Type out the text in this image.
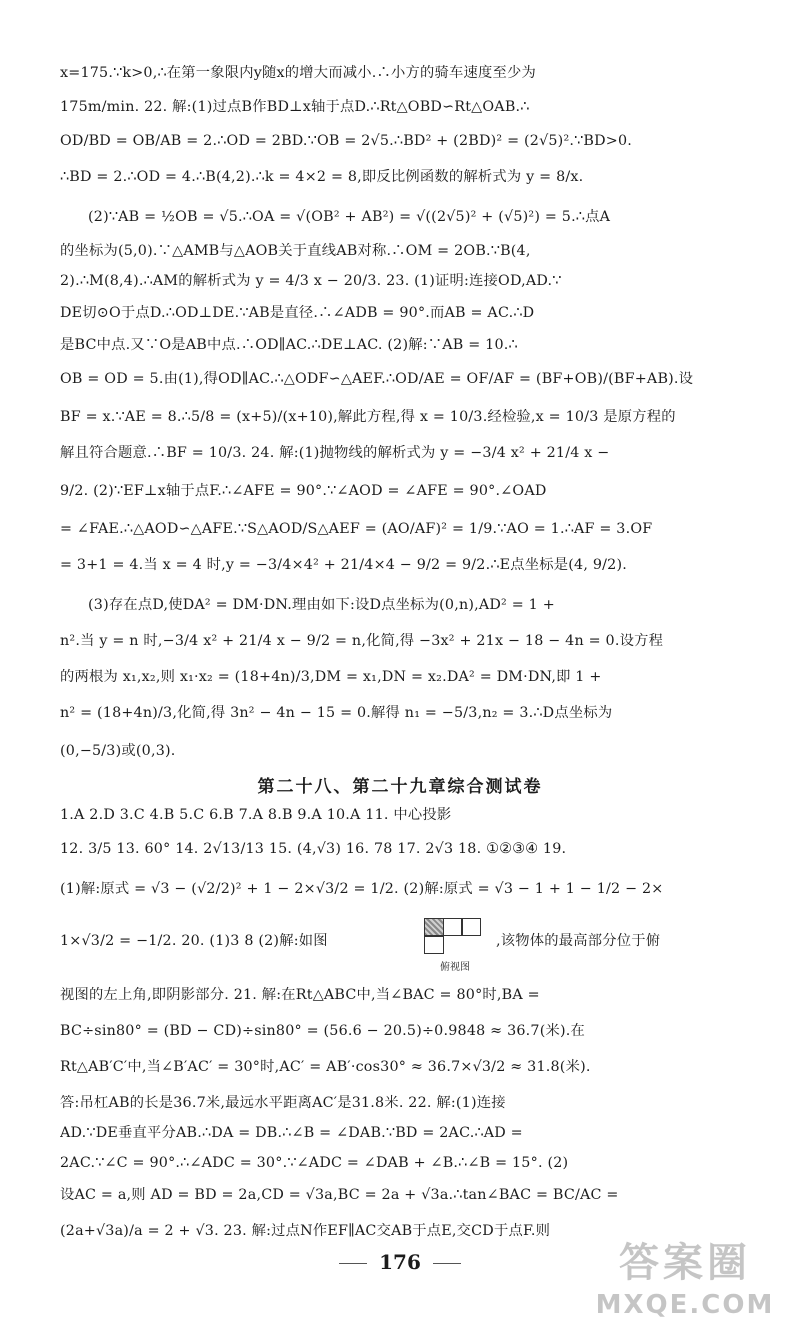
x=175.∵k>0,∴在第一象限内y随x的增大而减小.∴小方的骑车速度至少为
175m/min. 22. 解:(1)过点B作BD⊥x轴于点D.∴Rt△OBD∽Rt△OAB.∴
OD/BD = OB/AB = 2.∴OD = 2BD.∵OB = 2√5.∴BD² + (2BD)² = (2√5)².∵BD>0.
∴BD = 2.∴OD = 4.∴B(4,2).∴k = 4×2 = 8,即反比例函数的解析式为 y = 8/x.
(2)∵AB = ½OB = √5.∴OA = √(OB² + AB²) = √((2√5)² + (√5)²) = 5.∴点A
的坐标为(5,0).∵△AMB与△AOB关于直线AB对称.∴OM = 2OB.∵B(4,
2).∴M(8,4).∴AM的解析式为 y = 4/3 x − 20/3. 23. (1)证明:连接OD,AD.∵
DE切⊙O于点D.∴OD⊥DE.∵AB是直径.∴∠ADB = 90°.而AB = AC.∴D
是BC中点.又∵O是AB中点.∴OD∥AC.∴DE⊥AC. (2)解:∵AB = 10.∴
OB = OD = 5.由(1),得OD∥AC.∴△ODF∽△AEF.∴OD/AE = OF/AF = (BF+OB)/(BF+AB).设
BF = x.∵AE = 8.∴5/8 = (x+5)/(x+10),解此方程,得 x = 10/3.经检验,x = 10/3 是原方程的
解且符合题意.∴BF = 10/3. 24. 解:(1)抛物线的解析式为 y = −3/4 x² + 21/4 x −
9/2. (2)∵EF⊥x轴于点F.∴∠AFE = 90°.∵∠AOD = ∠AFE = 90°.∠OAD
= ∠FAE.∴△AOD∽△AFE.∵S△AOD/S△AEF = (AO/AF)² = 1/9.∵AO = 1.∴AF = 3.OF
= 3+1 = 4.当 x = 4 时,y = −3/4×4² + 21/4×4 − 9/2 = 9/2.∴E点坐标是(4, 9/2).
(3)存在点D,使DA² = DM·DN.理由如下:设D点坐标为(0,n),AD² = 1 +
n².当 y = n 时,−3/4 x² + 21/4 x − 9/2 = n,化简,得 −3x² + 21x − 18 − 4n = 0.设方程
的两根为 x₁,x₂,则 x₁·x₂ = (18+4n)/3,DM = x₁,DN = x₂.DA² = DM·DN,即 1 +
n² = (18+4n)/3,化简,得 3n² − 4n − 15 = 0.解得 n₁ = −5/3,n₂ = 3.∴D点坐标为
(0,−5/3)或(0,3).
第二十八、第二十九章综合测试卷
1.A 2.D 3.C 4.B 5.C 6.B 7.A 8.B 9.A 10.A 11. 中心投影
12. 3/5 13. 60° 14. 2√13/13 15. (4,√3) 16. 78 17. 2√3 18. ①②③④ 19.
(1)解:原式 = √3 − (√2/2)² + 1 − 2×√3/2 = 1/2. (2)解:原式 = √3 − 1 + 1 − 1/2 − 2×
1×√3/2 = −1/2. 20. (1)3 8 (2)解:如图	,该物体的最高部分位于俯
视图的左上角,即阴影部分. 21. 解:在Rt△ABC中,当∠BAC = 80°时,BA =
BC÷sin80° = (BD − CD)÷sin80° = (56.6 − 20.5)÷0.9848 ≈ 36.7(米).在
Rt△AB′C′中,当∠B′AC′ = 30°时,AC′ = AB′·cos30° ≈ 36.7×√3/2 ≈ 31.8(米).
答:吊杠AB的长是36.7米,最远水平距离AC′是31.8米. 22. 解:(1)连接
AD.∵DE垂直平分AB.∴DA = DB.∴∠B = ∠DAB.∵BD = 2AC.∴AD =
2AC.∵∠C = 90°.∴∠ADC = 30°.∵∠ADC = ∠DAB + ∠B.∴∠B = 15°. (2)
设AC = a,则 AD = BD = 2a,CD = √3a,BC = 2a + √3a.∴tan∠BAC = BC/AC =
(2a+√3a)/a = 2 + √3. 23. 解:过点N作EF∥AC交AB于点E,交CD于点F.则
俯视图
176	答案圈
MXQE.COM
